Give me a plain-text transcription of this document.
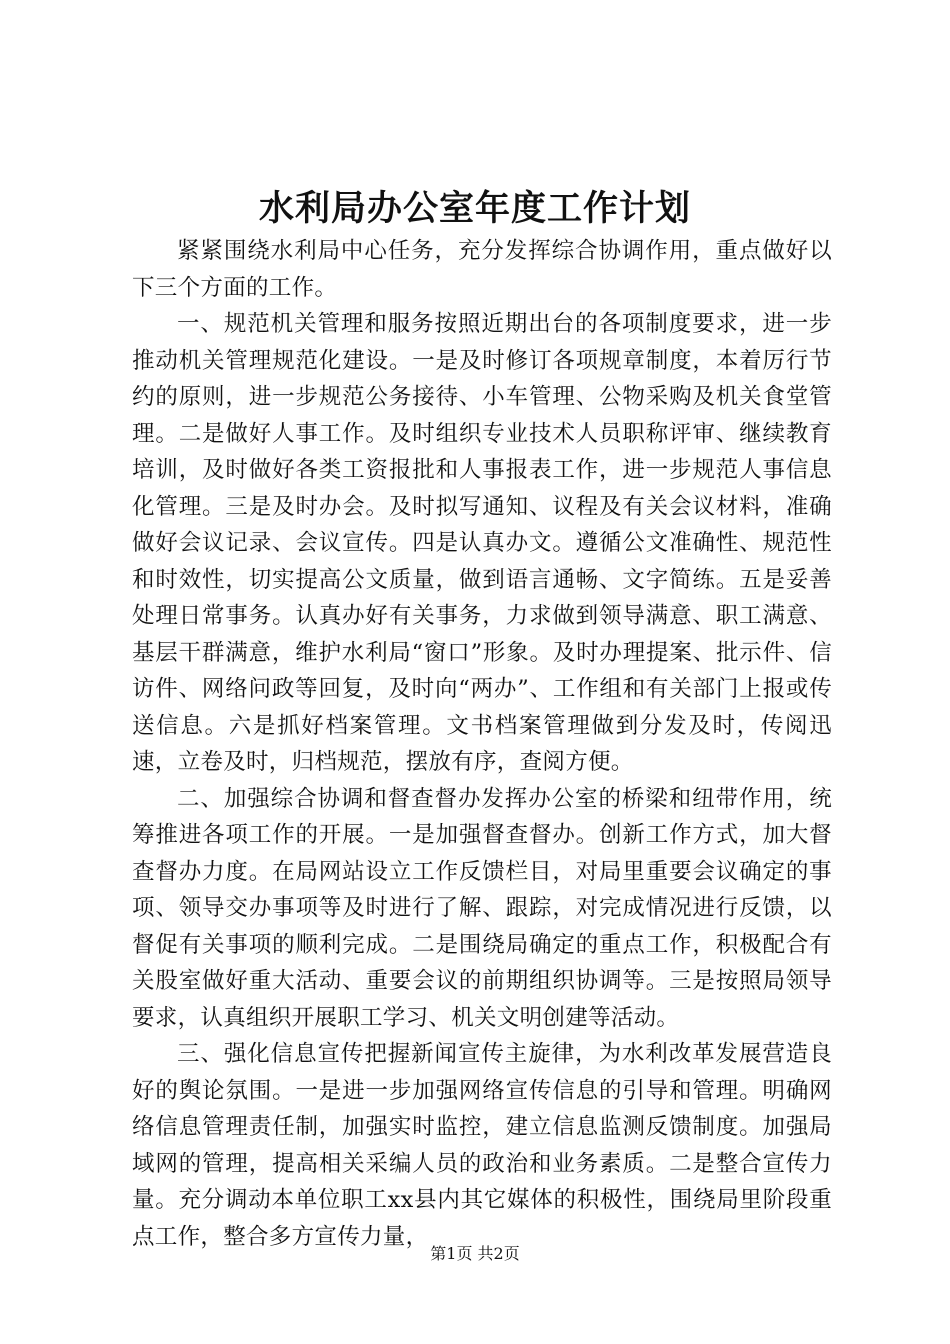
水利局办公室年度工作计划

紧紧围绕水利局中心任务，充分发挥综合协调作用，重点做好以下三个方面的工作。

一、规范机关管理和服务按照近期出台的各项制度要求，进一步推动机关管理规范化建设。一是及时修订各项规章制度，本着厉行节约的原则，进一步规范公务接待、小车管理、公物采购及机关食堂管理。二是做好人事工作。及时组织专业技术人员职称评审、继续教育培训，及时做好各类工资报批和人事报表工作，进一步规范人事信息化管理。三是及时办会。及时拟写通知、议程及有关会议材料，准确做好会议记录、会议宣传。四是认真办文。遵循公文准确性、规范性和时效性，切实提高公文质量，做到语言通畅、文字简练。五是妥善处理日常事务。认真办好有关事务，力求做到领导满意、职工满意、基层干群满意，维护水利局“窗口”形象。及时办理提案、批示件、信访件、网络问政等回复，及时向“两办”、工作组和有关部门上报或传送信息。六是抓好档案管理。文书档案管理做到分发及时，传阅迅速，立卷及时，归档规范，摆放有序，查阅方便。

二、加强综合协调和督查督办发挥办公室的桥梁和纽带作用，统筹推进各项工作的开展。一是加强督查督办。创新工作方式，加大督查督办力度。在局网站设立工作反馈栏目，对局里重要会议确定的事项、领导交办事项等及时进行了解、跟踪，对完成情况进行反馈，以督促有关事项的顺利完成。二是围绕局确定的重点工作，积极配合有关股室做好重大活动、重要会议的前期组织协调等。三是按照局领导要求，认真组织开展职工学习、机关文明创建等活动。

三、强化信息宣传把握新闻宣传主旋律，为水利改革发展营造良好的舆论氛围。一是进一步加强网络宣传信息的引导和管理。明确网络信息管理责任制，加强实时监控，建立信息监测反馈制度。加强局域网的管理，提高相关采编人员的政治和业务素质。二是整合宣传力量。充分调动本单位职工xx县内其它媒体的积极性，围绕局里阶段重点工作，整合多方宣传力量，

第1页 共2页
